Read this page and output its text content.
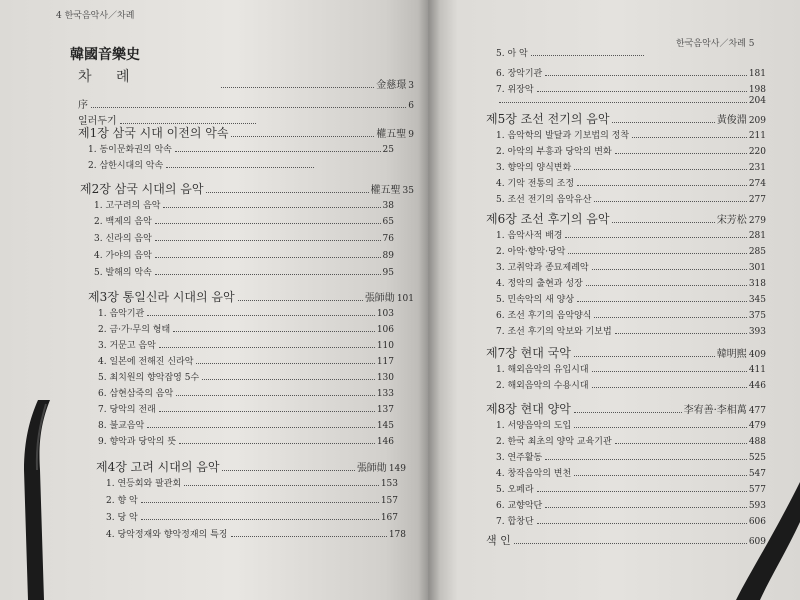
4 한국음악사／차례
한국음악사／차례 5
韓國音樂史
차 례
金慈璟 3
序	6
일러두기
제1장 삼국 시대 이전의 악속	權五聖 9
1. 동이문화권의 악속	25
2. 삼한시대의 악속
제2장 삼국 시대의 음악	權五聖 35
1. 고구려의 음악	38
2. 백제의 음악	65
3. 신라의 음악	76
4. 가야의 음악	89
5. 발해의 악속	95
제3장 통일신라 시대의 음악	張師勛 101
1. 음악기관	103
2. 금·가·무의 형태	106
3. 거문고 음악	110
4. 일본에 전해진 신라악	117
5. 최치원의 향악잡영 5수	130
6. 삼현삼죽의 음악	133
7. 당악의 전래	137
8. 불교음악	145
9. 향악과 당악의 뜻	146
제4장 고려 시대의 음악	張師勛 149
1. 연등회와 팔관회	153
2. 향 악	157
3. 당 악	167
4. 당악정재와 향악정재의 특징	178
5. 아 악
6. 장악기관	181
7. 위장악	198
204
제5장 조선 전기의 음악	黃俊淵 209
1. 음악학의 발달과 기보법의 정착	211
2. 아악의 부흥과 당악의 변화	220
3. 향악의 양식변화	231
4. 기악 전통의 조정	274
5. 조선 전기의 음악유산	277
제6장 조선 후기의 음악	宋芳松 279
1. 음악사적 배경	281
2. 아악·향악·당악	285
3. 고취악과 종묘제례악	301
4. 정악의 출현과 성장	318
5. 민속악의 새 양상	345
6. 조선 후기의 음악양식	375
7. 조선 후기의 악보와 기보법	393
제7장 현대 국악	韓明熙 409
1. 해외음악의 유입시대	411
2. 해외음악의 수용시대	446
제8장 현대 양악	李宥善·李相萬 477
1. 서양음악의 도입	479
2. 한국 최초의 양악 교육기관	488
3. 연주활동	525
4. 창작음악의 변천	547
5. 오페라	577
6. 교향악단	593
7. 합창단	606
색 인	609
